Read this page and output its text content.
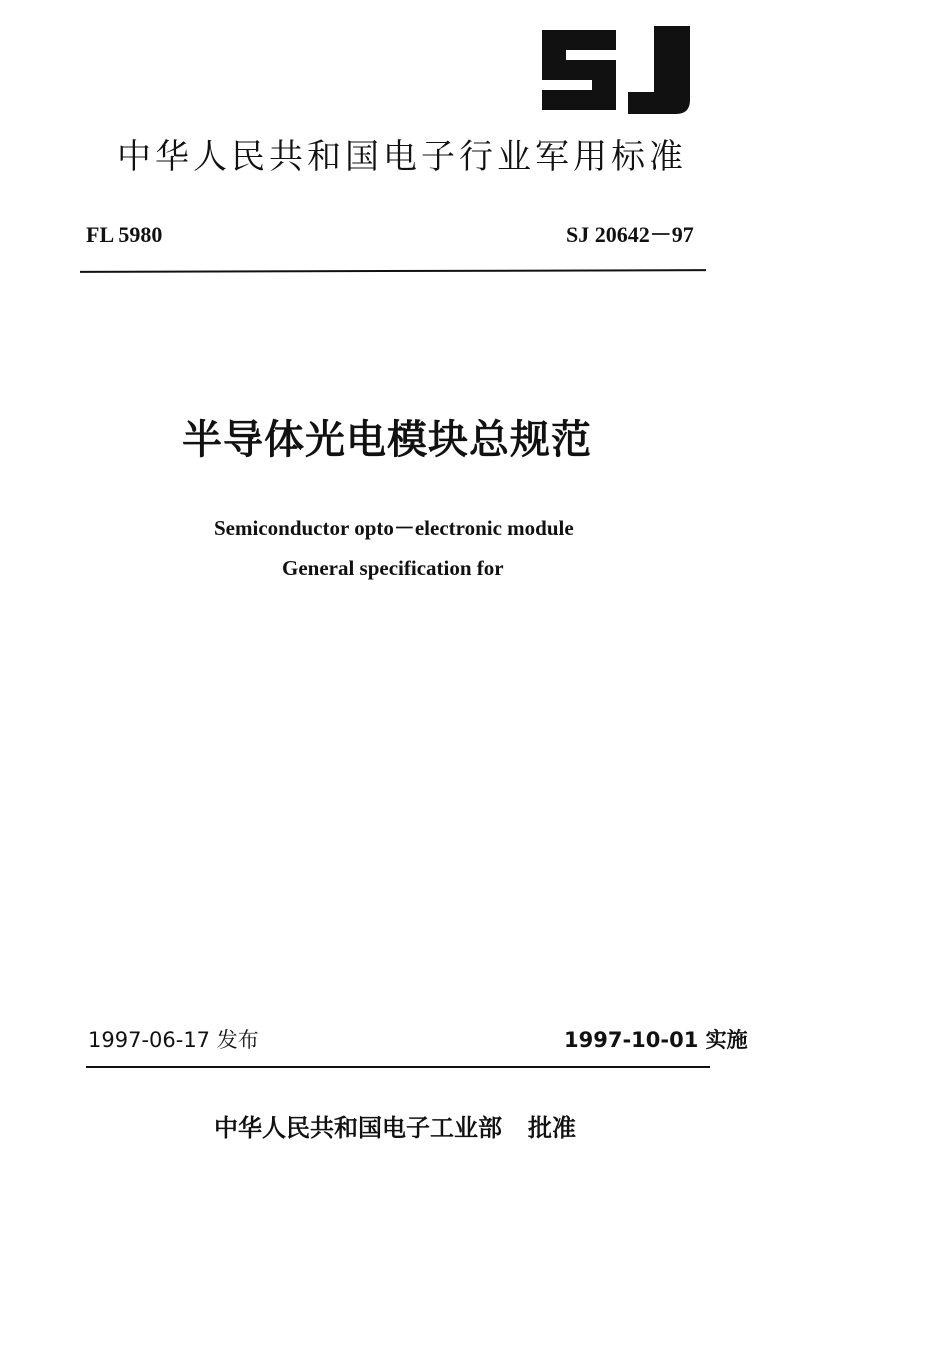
中华人民共和国电子行业军用标准
FL 5980	SJ 20642－97
半导体光电模块总规范
Semiconductor opto－electronic module
General specification for
1997-06-17 发布	1997-10-01 实施
中华人民共和国电子工业部 批准
